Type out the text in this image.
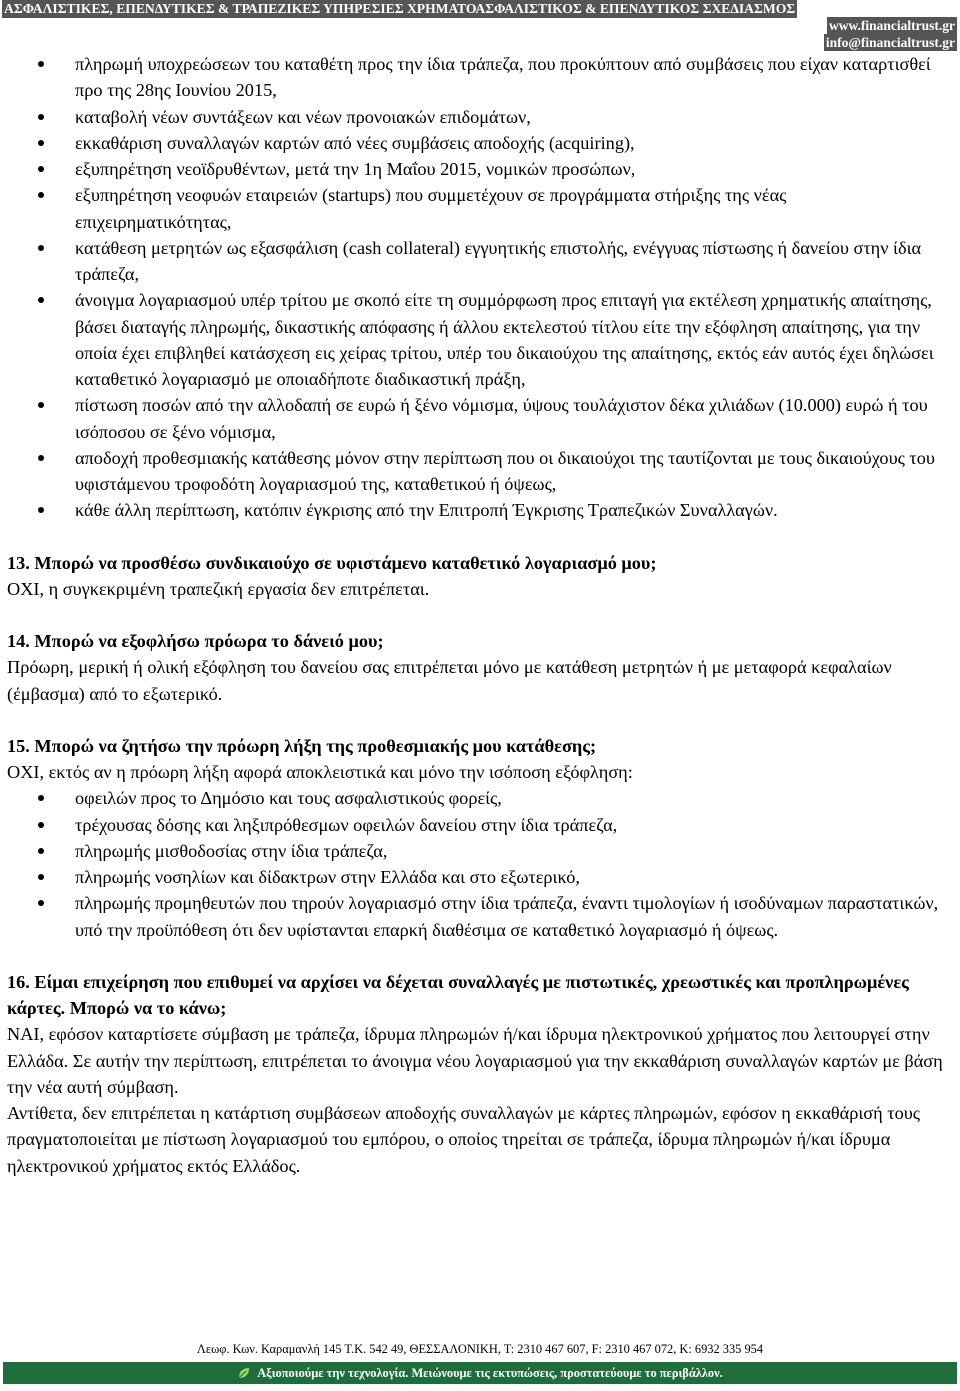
ΑΣΦΑΛΙΣΤΙΚΕΣ, ΕΠΕΝΔΥΤΙΚΕΣ & ΤΡΑΠΕΖΙΚΕΣ ΥΠΗΡΕΣΙΕΣ ΧΡΗΜΑΤΟΑΣΦΑΛΙΣΤΙΚΟΣ & ΕΠΕΝΔΥΤΙΚΟΣ ΣΧΕΔΙΑΣΜΟΣ
www.financialtrust.gr
info@financialtrust.gr
πληρωμή υποχρεώσεων του καταθέτη προς την ίδια τράπεζα, που προκύπτουν από συμβάσεις που είχαν καταρτισθεί προ της 28ης Ιουνίου 2015,
καταβολή νέων συντάξεων και νέων προνοιακών επιδομάτων,
εκκαθάριση συναλλαγών καρτών από νέες συμβάσεις αποδοχής (acquiring),
εξυπηρέτηση νεοϊδρυθέντων, μετά την 1η Μαΐου 2015, νομικών προσώπων,
εξυπηρέτηση νεοφυών εταιρειών (startups) που συμμετέχουν σε προγράμματα στήριξης της νέας επιχειρηματικότητας,
κατάθεση μετρητών ως εξασφάλιση (cash collateral) εγγυητικής επιστολής, ενέγγυας πίστωσης ή δανείου στην ίδια τράπεζα,
άνοιγμα λογαριασμού υπέρ τρίτου με σκοπό είτε τη συμμόρφωση προς επιταγή για εκτέλεση χρηματικής απαίτησης, βάσει διαταγής πληρωμής, δικαστικής απόφασης ή άλλου εκτελεστού τίτλου είτε την εξόφληση απαίτησης, για την οποία έχει επιβληθεί κατάσχεση εις χείρας τρίτου, υπέρ του δικαιούχου της απαίτησης, εκτός εάν αυτός έχει δηλώσει καταθετικό λογαριασμό με οποιαδήποτε διαδικαστική πράξη,
πίστωση ποσών από την αλλοδαπή σε ευρώ ή ξένο νόμισμα, ύψους τουλάχιστον δέκα χιλιάδων (10.000) ευρώ ή του ισόποσου σε ξένο νόμισμα,
αποδοχή προθεσμιακής κατάθεσης μόνον στην περίπτωση που οι δικαιούχοι της ταυτίζονται με τους δικαιούχους του υφιστάμενου τροφοδότη λογαριασμού της, καταθετικού ή όψεως,
κάθε άλλη περίπτωση, κατόπιν έγκρισης από την Επιτροπή Έγκρισης Τραπεζικών Συναλλαγών.
13. Μπορώ να προσθέσω συνδικαιούχο σε υφιστάμενο καταθετικό λογαριασμό μου;
ΟΧΙ, η συγκεκριμένη τραπεζική εργασία δεν επιτρέπεται.
14. Μπορώ να εξοφλήσω πρόωρα το δάνειό μου;
Πρόωρη, μερική ή ολική εξόφληση του δανείου σας επιτρέπεται μόνο με κατάθεση μετρητών ή με μεταφορά κεφαλαίων (έμβασμα) από το εξωτερικό.
15. Μπορώ να ζητήσω την πρόωρη λήξη της προθεσμιακής μου κατάθεσης;
ΟΧΙ, εκτός αν η πρόωρη λήξη αφορά αποκλειστικά και μόνο την ισόποση εξόφληση:
οφειλών προς το Δημόσιο και τους ασφαλιστικούς φορείς,
τρέχουσας δόσης και ληξιπρόθεσμων οφειλών δανείου στην ίδια τράπεζα,
πληρωμής μισθοδοσίας στην ίδια τράπεζα,
πληρωμής νοσηλίων και δίδακτρων στην Ελλάδα και στο εξωτερικό,
πληρωμής προμηθευτών που τηρούν λογαριασμό στην ίδια τράπεζα, έναντι τιμολογίων ή ισοδύναμων παραστατικών, υπό την προϋπόθεση ότι δεν υφίστανται επαρκή διαθέσιμα σε καταθετικό λογαριασμό ή όψεως.
16. Είμαι επιχείρηση που επιθυμεί να αρχίσει να δέχεται συναλλαγές με πιστωτικές, χρεωστικές και προπληρωμένες κάρτες. Μπορώ να το κάνω;
ΝΑΙ, εφόσον καταρτίσετε σύμβαση με τράπεζα, ίδρυμα πληρωμών ή/και ίδρυμα ηλεκτρονικού χρήματος που λειτουργεί στην Ελλάδα. Σε αυτήν την περίπτωση, επιτρέπεται το άνοιγμα νέου λογαριασμού για την εκκαθάριση συναλλαγών καρτών με βάση την νέα αυτή σύμβαση.
Αντίθετα, δεν επιτρέπεται η κατάρτιση συμβάσεων αποδοχής συναλλαγών με κάρτες πληρωμών, εφόσον η εκκαθάρισή τους πραγματοποιείται με πίστωση λογαριασμού του εμπόρου, ο οποίος τηρείται σε τράπεζα, ίδρυμα πληρωμών ή/και ίδρυμα ηλεκτρονικού χρήματος εκτός Ελλάδος.
Λεωφ. Κων. Καραμανλή 145 Τ.Κ. 542 49, ΘΕΣΣΑΛΟΝΙΚΗ, Τ: 2310 467 607, F: 2310 467 072, Κ: 6932 335 954
Αξιοποιούμε την τεχνολογία. Μειώνουμε τις εκτυπώσεις, προστατεύουμε το περιβάλλον.
